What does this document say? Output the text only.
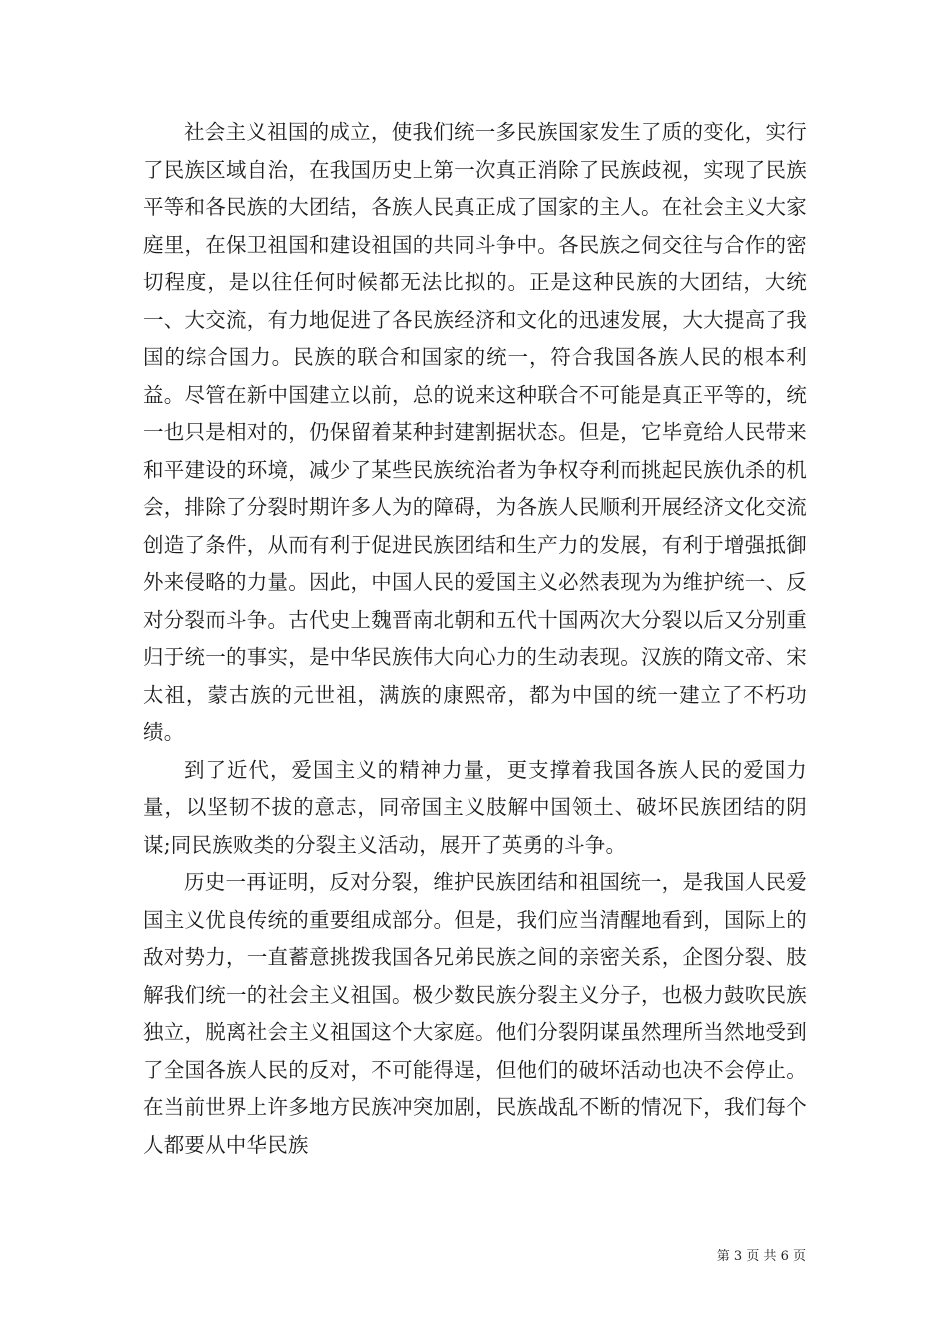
社会主义祖国的成立，使我们统一多民族国家发生了质的变化，实行了民族区域自治，在我国历史上第一次真正消除了民族歧视，实现了民族平等和各民族的大团结，各族人民真正成了国家的主人。在社会主义大家庭里，在保卫祖国和建设祖国的共同斗争中。各民族之伺交往与合作的密切程度，是以往任何时候都无法比拟的。正是这种民族的大团结，大统一、大交流，有力地促进了各民族经济和文化的迅速发展，大大提高了我国的综合国力。民族的联合和国家的统一，符合我国各族人民的根本利益。尽管在新中国建立以前，总的说来这种联合不可能是真正平等的，统一也只是相对的，仍保留着某种封建割据状态。但是，它毕竟给人民带来和平建设的环境，减少了某些民族统治者为争权夺利而挑起民族仇杀的机会，排除了分裂时期许多人为的障碍，为各族人民顺利开展经济文化交流创造了条件，从而有利于促进民族团结和生产力的发展，有利于增强抵御外来侵略的力量。因此，中国人民的爱国主义必然表现为为维护统一、反对分裂而斗争。古代史上魏晋南北朝和五代十国两次大分裂以后又分别重归于统一的事实，是中华民族伟大向心力的生动表现。汉族的隋文帝、宋太祖，蒙古族的元世祖，满族的康熙帝，都为中国的统一建立了不朽功绩。

到了近代，爱国主义的精神力量，更支撑着我国各族人民的爱国力量，以坚韧不拔的意志，同帝国主义肢解中国领土、破坏民族团结的阴谋;同民族败类的分裂主义活动，展开了英勇的斗争。

历史一再证明，反对分裂，维护民族团结和祖国统一，是我国人民爱国主义优良传统的重要组成部分。但是，我们应当清醒地看到，国际上的敌对势力，一直蓄意挑拨我国各兄弟民族之间的亲密关系，企图分裂、肢解我们统一的社会主义祖国。极少数民族分裂主义分子，也极力鼓吹民族独立，脱离社会主义祖国这个大家庭。他们分裂阴谋虽然理所当然地受到了全国各族人民的反对，不可能得逞，但他们的破坏活动也决不会停止。在当前世界上许多地方民族冲突加剧，民族战乱不断的情况下，我们每个人都要从中华民族

第 3 页 共 6 页
